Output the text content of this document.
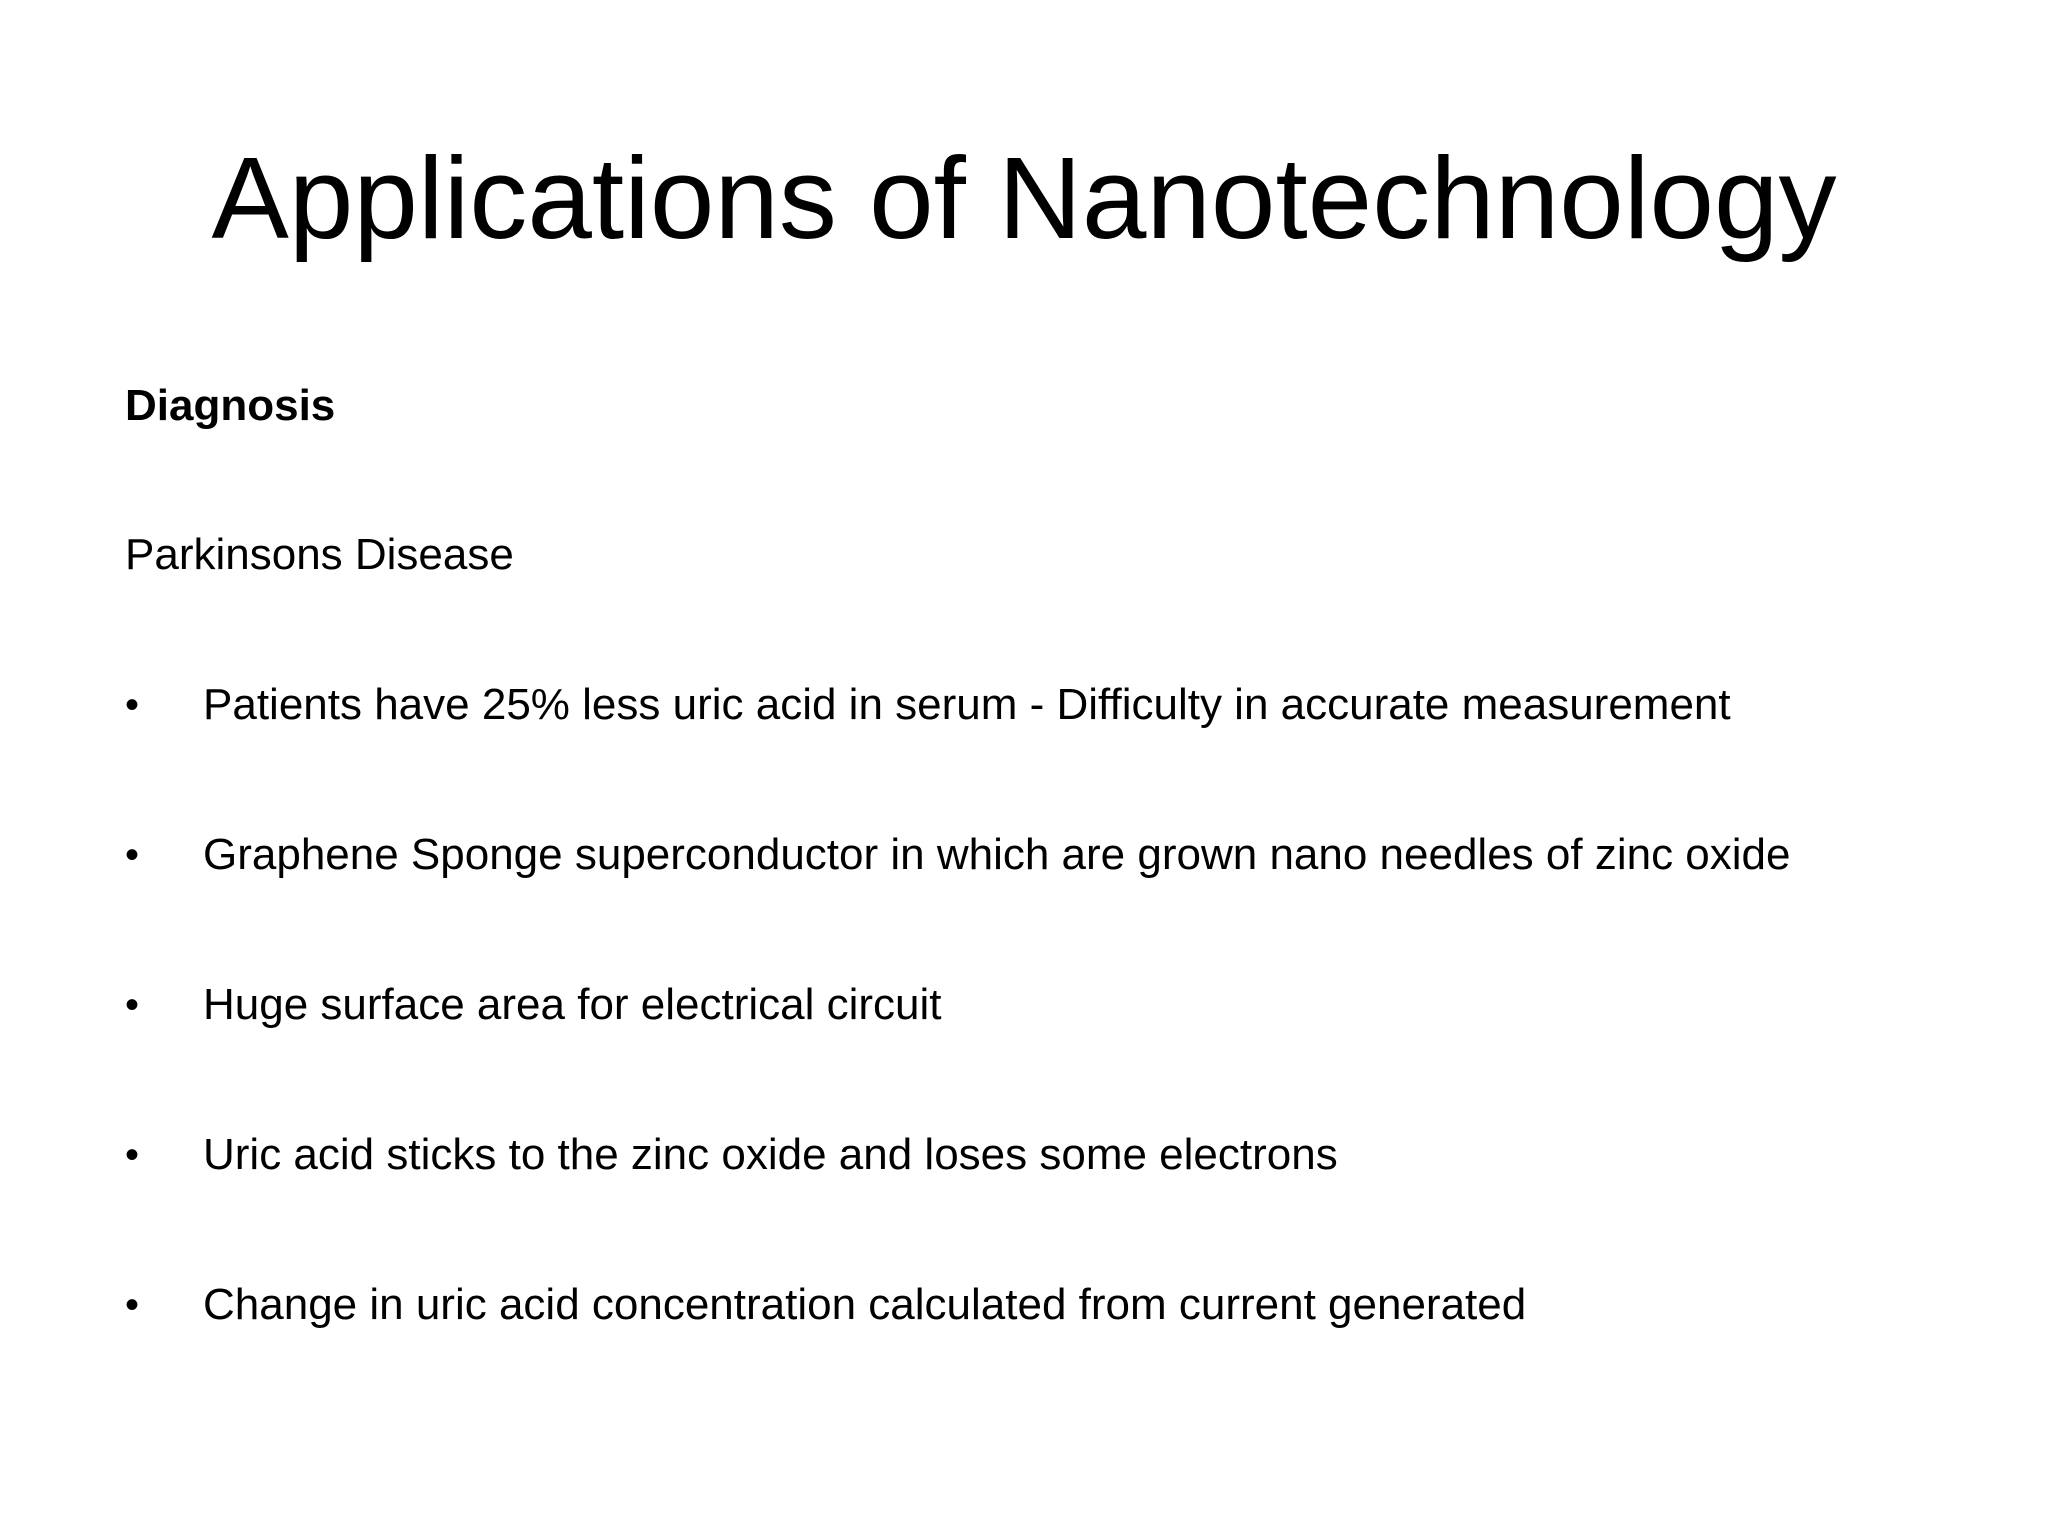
Applications of Nanotechnology
Diagnosis
Parkinsons Disease
• Patients have 25% less uric acid in serum - Difficulty in accurate measurement
• Graphene Sponge superconductor in which are grown nano needles of zinc oxide
• Huge surface area for electrical circuit
• Uric acid sticks to the zinc oxide and loses some electrons
• Change in uric acid concentration calculated from current generated
